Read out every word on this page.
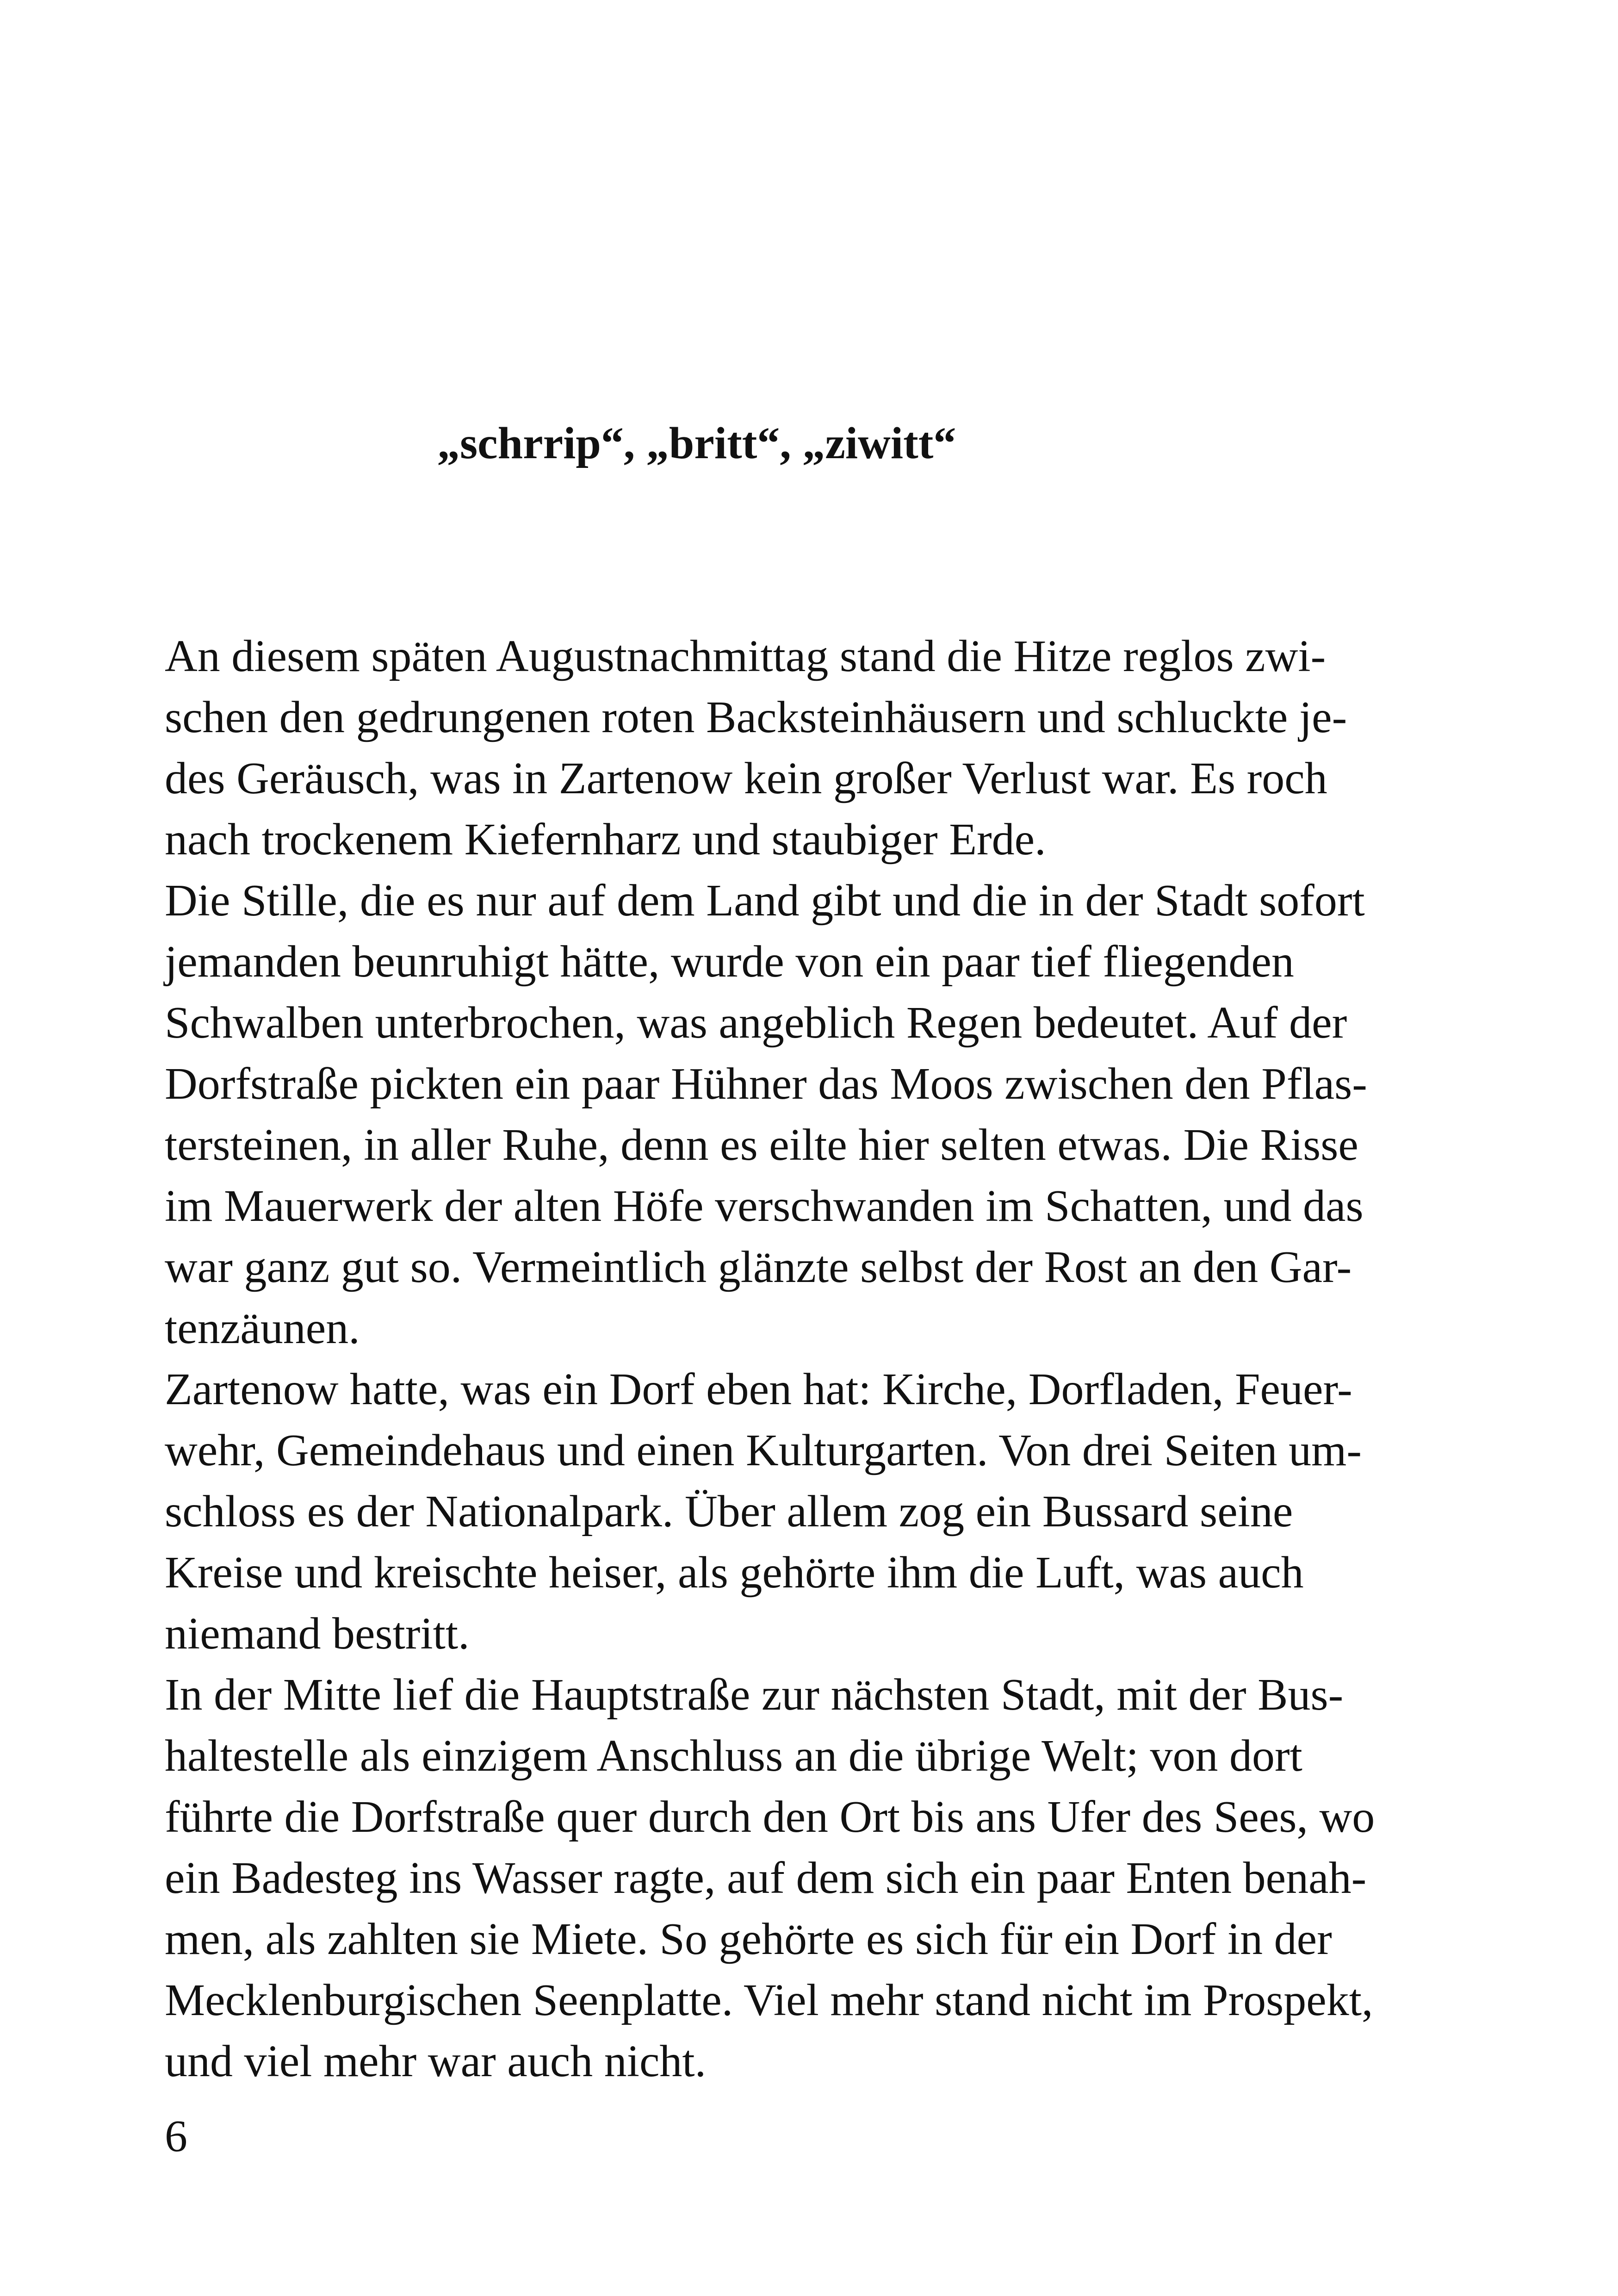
„schrrip“, „britt“, „ziwitt“
An diesem späten Augustnachmittag stand die Hitze reglos zwi-
schen den gedrungenen roten Backsteinhäusern und schluckte je-
des Geräusch, was in Zartenow kein großer Verlust war. Es roch
nach trockenem Kiefernharz und staubiger Erde.
Die Stille, die es nur auf dem Land gibt und die in der Stadt sofort
jemanden beunruhigt hätte, wurde von ein paar tief fliegenden
Schwalben unterbrochen, was angeblich Regen bedeutet. Auf der
Dorfstraße pickten ein paar Hühner das Moos zwischen den Pflas-
tersteinen, in aller Ruhe, denn es eilte hier selten etwas. Die Risse
im Mauerwerk der alten Höfe verschwanden im Schatten, und das
war ganz gut so. Vermeintlich glänzte selbst der Rost an den Gar-
tenzäunen.
Zartenow hatte, was ein Dorf eben hat: Kirche, Dorfladen, Feuer-
wehr, Gemeindehaus und einen Kulturgarten. Von drei Seiten um-
schloss es der Nationalpark. Über allem zog ein Bussard seine
Kreise und kreischte heiser, als gehörte ihm die Luft, was auch
niemand bestritt.
In der Mitte lief die Hauptstraße zur nächsten Stadt, mit der Bus-
haltestelle als einzigem Anschluss an die übrige Welt; von dort
führte die Dorfstraße quer durch den Ort bis ans Ufer des Sees, wo
ein Badesteg ins Wasser ragte, auf dem sich ein paar Enten benah-
men, als zahlten sie Miete. So gehörte es sich für ein Dorf in der
Mecklenburgischen Seenplatte. Viel mehr stand nicht im Prospekt,
und viel mehr war auch nicht.
6
